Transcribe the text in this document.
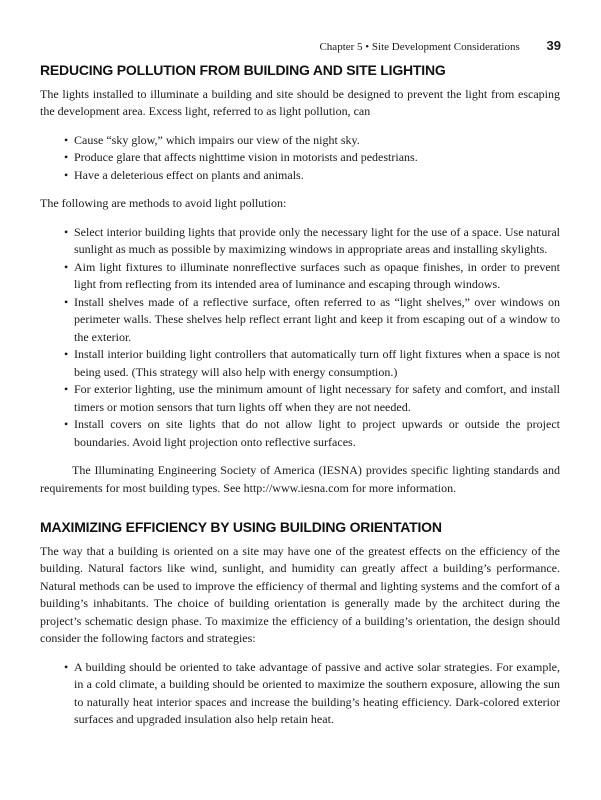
Chapter 5 • Site Development Considerations 39
REDUCING POLLUTION FROM BUILDING AND SITE LIGHTING

The lights installed to illuminate a building and site should be designed to prevent the light from escaping the development area. Excess light, referred to as light pollution, can

• Cause “sky glow,” which impairs our view of the night sky.
• Produce glare that affects nighttime vision in motorists and pedestrians.
• Have a deleterious effect on plants and animals.

The following are methods to avoid light pollution:

• Select interior building lights that provide only the necessary light for the use of a space. Use natural sunlight as much as possible by maximizing windows in appropriate areas and installing skylights.
• Aim light fixtures to illuminate nonreflective surfaces such as opaque finishes, in order to prevent light from reflecting from its intended area of luminance and escaping through windows.
• Install shelves made of a reflective surface, often referred to as “light shelves,” over windows on perimeter walls. These shelves help reflect errant light and keep it from escaping out of a window to the exterior.
• Install interior building light controllers that automatically turn off light fixtures when a space is not being used. (This strategy will also help with energy consumption.)
• For exterior lighting, use the minimum amount of light necessary for safety and comfort, and install timers or motion sensors that turn lights off when they are not needed.
• Install covers on site lights that do not allow light to project upwards or outside the project boundaries. Avoid light projection onto reflective surfaces.

The Illuminating Engineering Society of America (IESNA) provides specific lighting standards and requirements for most building types. See http://www.iesna.com for more information.

MAXIMIZING EFFICIENCY BY USING BUILDING ORIENTATION

The way that a building is oriented on a site may have one of the greatest effects on the efficiency of the building. Natural factors like wind, sunlight, and humidity can greatly affect a building’s performance. Natural methods can be used to improve the efficiency of thermal and lighting systems and the comfort of a building’s inhabitants. The choice of building orientation is generally made by the architect during the project’s schematic design phase. To maximize the efficiency of a building’s orientation, the design should consider the following factors and strategies:

• A building should be oriented to take advantage of passive and active solar strategies. For example, in a cold climate, a building should be oriented to maximize the southern exposure, allowing the sun to naturally heat interior spaces and increase the building’s heating efficiency. Dark-colored exterior surfaces and upgraded insulation also help retain heat.
